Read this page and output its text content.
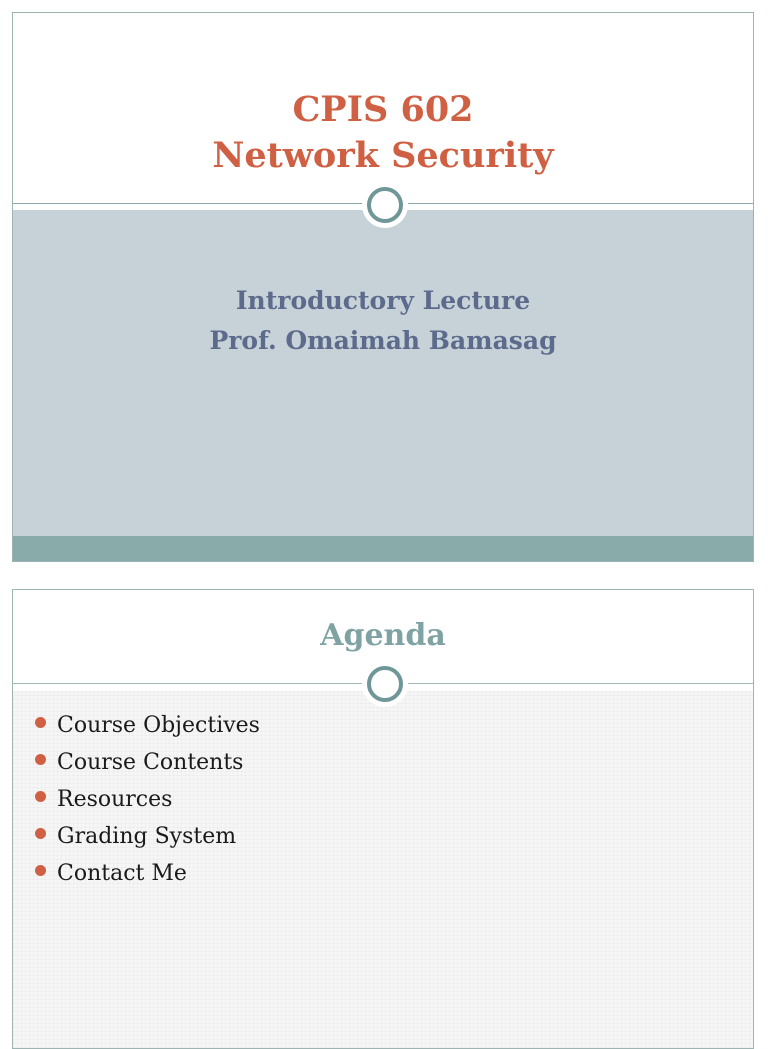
CPIS 602
Network Security
Introductory Lecture
Prof. Omaimah Bamasag
Agenda
Course Objectives
Course Contents
Resources
Grading System
Contact Me
